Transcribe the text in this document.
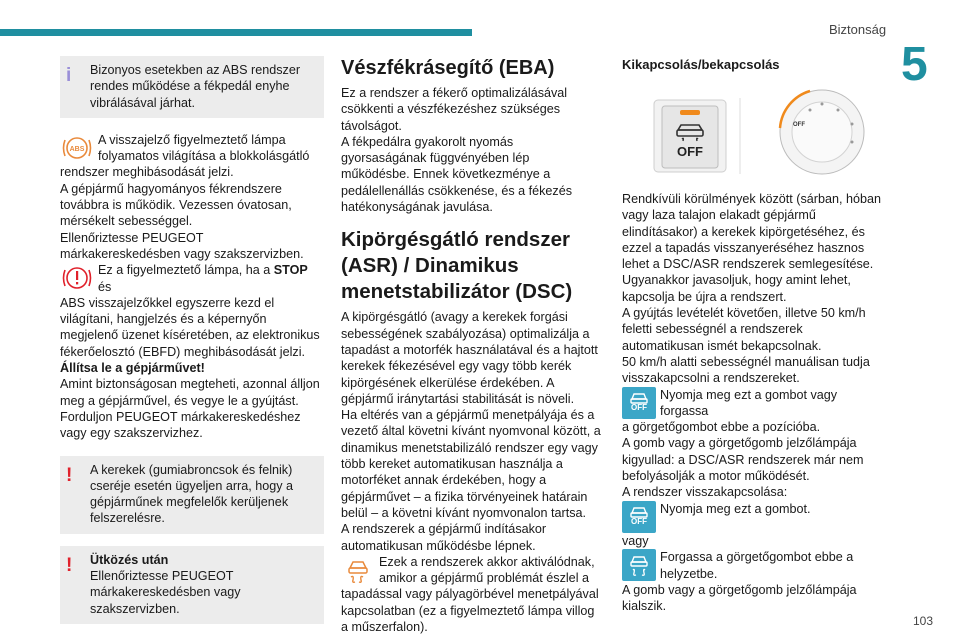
Biztonság
5
103
i	Bizonyos esetekben az ABS rendszer rendes működése a fékpedál enyhe vibrálásával járhat.
ABS

A visszajelző figyelmeztető lámpa

folyamatos világítása a blokkolásgátló

rendszer meghibásodását jelzi.
A gépjármű hagyományos fékrendszere továbbra is működik. Vezessen óvatosan, mérsékelt sebességgel.
Ellenőriztesse PEUGEOT márkakereskedésben vagy szakszervizben.

Ez a figyelmeztető lámpa, ha a STOP és

ABS visszajelzőkkel egyszerre kezd el

világítani, hangjelzés és a képernyőn megjelenő üzenet kíséretében, az elektronikus fékerőelosztó (EBFD) meghibásodását jelzi.

Állítsa le a gépjárművet!

Amint biztonságosan megteheti, azonnal álljon meg a gépjárművel, és vegye le a gyújtást.
Forduljon PEUGEOT márkakereskedéshez vagy egy szakszervizhez.

!	A kerekek (gumiabroncsok és felnik) cseréje esetén ügyeljen arra, hogy a gépjárműnek megfelelők kerüljenek felszerelésre.
!	Ütközés után
Ellenőriztesse PEUGEOT márkakereskedésben vagy szakszervizben.
Vészfékrásegítő (EBA)

Ez a rendszer a fékerő optimalizálásával csökkenti a vészfékezéshez szükséges távolságot.
A fékpedálra gyakorolt nyomás gyorsaságának függvényében lép működésbe. Ennek következménye a pedálellenállás csökkenése, és a fékezés hatékonyságának javulása.

Kipörgésgátló rendszer (ASR) / Dinamikus menetstabilizátor (DSC)

A kipörgésgátló (avagy a kerekek forgási sebességének szabályozása) optimalizálja a tapadást a motorfék használatával és a hajtott kerekek fékezésével egy vagy több kerék kipörgésének elkerülése érdekében. A gépjármű iránytartási stabilitását is növeli.
Ha eltérés van a gépjármű menetpályája és a vezető által követni kívánt nyomvonal között, a dinamikus menetstabilizáló rendszer egy vagy több kereket automatikusan használja a motorféket annak érdekében, hogy a gépjárművet – a fizika törvényeinek határain belül – a követni kívánt nyomvonalon tartsa.
A rendszerek a gépjármű indításakor automatikusan működésbe lépnek.

Ezek a rendszerek akkor aktiválódnak,

amikor a gépjármű problémát észlel a

tapadással vagy pályagörbével menetpályával kapcsolatban (ez a figyelmeztető lámpa villog a műszerfalon).

Kikapcsolás/bekapcsolás
OFF
OFF

Rendkívüli körülmények között (sárban, hóban vagy laza talajon elakadt gépjármű elindításakor) a kerekek kipörgetéséhez, és ezzel a tapadás visszanyeréséhez hasznos lehet a DSC/ASR rendszerek semlegesítése.
Ugyanakkor javasoljuk, hogy amint lehet, kapcsolja be újra a rendszert.
A gyújtás levételét követően, illetve 50 km/h feletti sebességnél a rendszerek automatikusan ismét bekapcsolnak.
50 km/h alatti sebességnél manuálisan tudja visszakapcsolni a rendszereket.

OFF

Nyomja meg ezt a gombot vagy forgassa

a görgetőgombot ebbe a pozícióba.

A gomb vagy a görgetőgomb jelzőlámpája kigyullad: a DSC/ASR rendszerek már nem befolyásolják a motor működését.
A rendszer visszakapcsolása:

OFF

Nyomja meg ezt a gombot.

vagy

Forgassa a görgetőgombot ebbe a

helyzetbe.

A gomb vagy a görgetőgomb jelzőlámpája kialszik.
